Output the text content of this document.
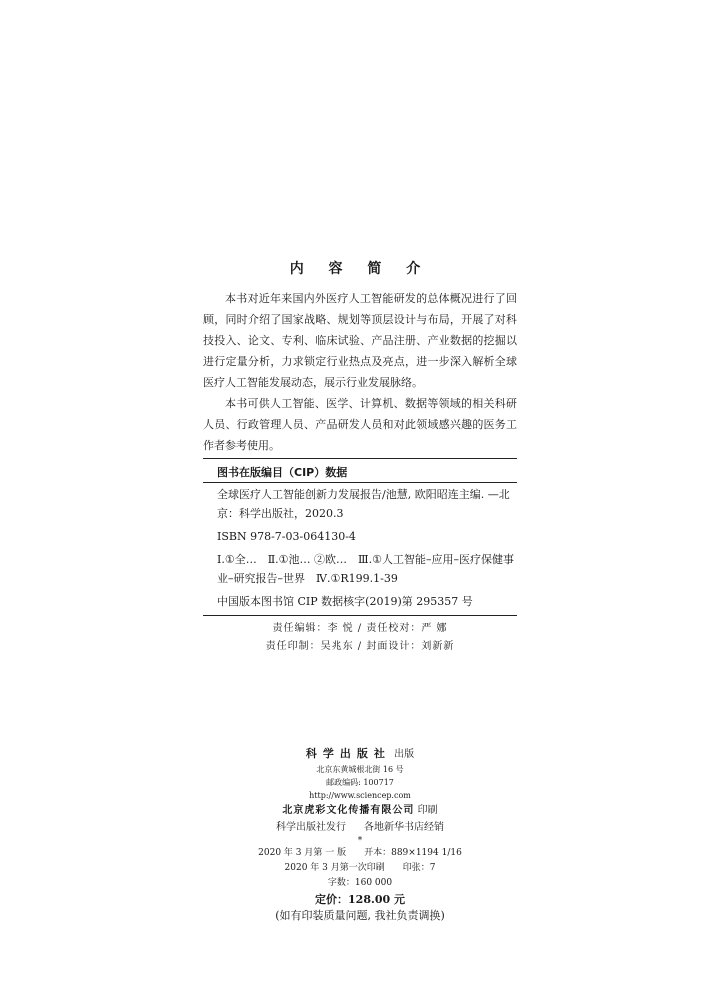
内 容 简 介

本书对近年来国内外医疗人工智能研发的总体概况进行了回顾，同时介绍了国家战略、规划等顶层设计与布局，开展了对科技投入、论文、专利、临床试验、产品注册、产业数据的挖掘以进行定量分析，力求锁定行业热点及亮点，进一步深入解析全球医疗人工智能发展动态，展示行业发展脉络。

本书可供人工智能、医学、计算机、数据等领域的相关科研人员、行政管理人员、产品研发人员和对此领域感兴趣的医务工作者参考使用。

图书在版编目（CIP）数据
全球医疗人工智能创新力发展报告/池慧, 欧阳昭连主编. —北京：科学出版社，2020.3
ISBN 978-7-03-064130-4
Ⅰ.①全…　Ⅱ.①池… ②欧…　Ⅲ.①人工智能–应用–医疗保健事业–研究报告–世界　Ⅳ.①R199.1-39
中国版本图书馆 CIP 数据核字(2019)第 295357 号
责任编辑：李 悦 / 责任校对：严 娜
责任印制：吴兆东 / 封面设计：刘新新
科学出版社 出版
北京东黄城根北街 16 号
邮政编码: 100717
http://www.sciencep.com
北京虎彩文化传播有限公司 印刷
科学出版社发行 各地新华书店经销
*
2020 年 3 月第 一 版 开本：889×1194 1/16
2020 年 3 月第一次印刷 印张：7
字数：160 000
定价：128.00 元
(如有印装质量问题, 我社负责调换)
